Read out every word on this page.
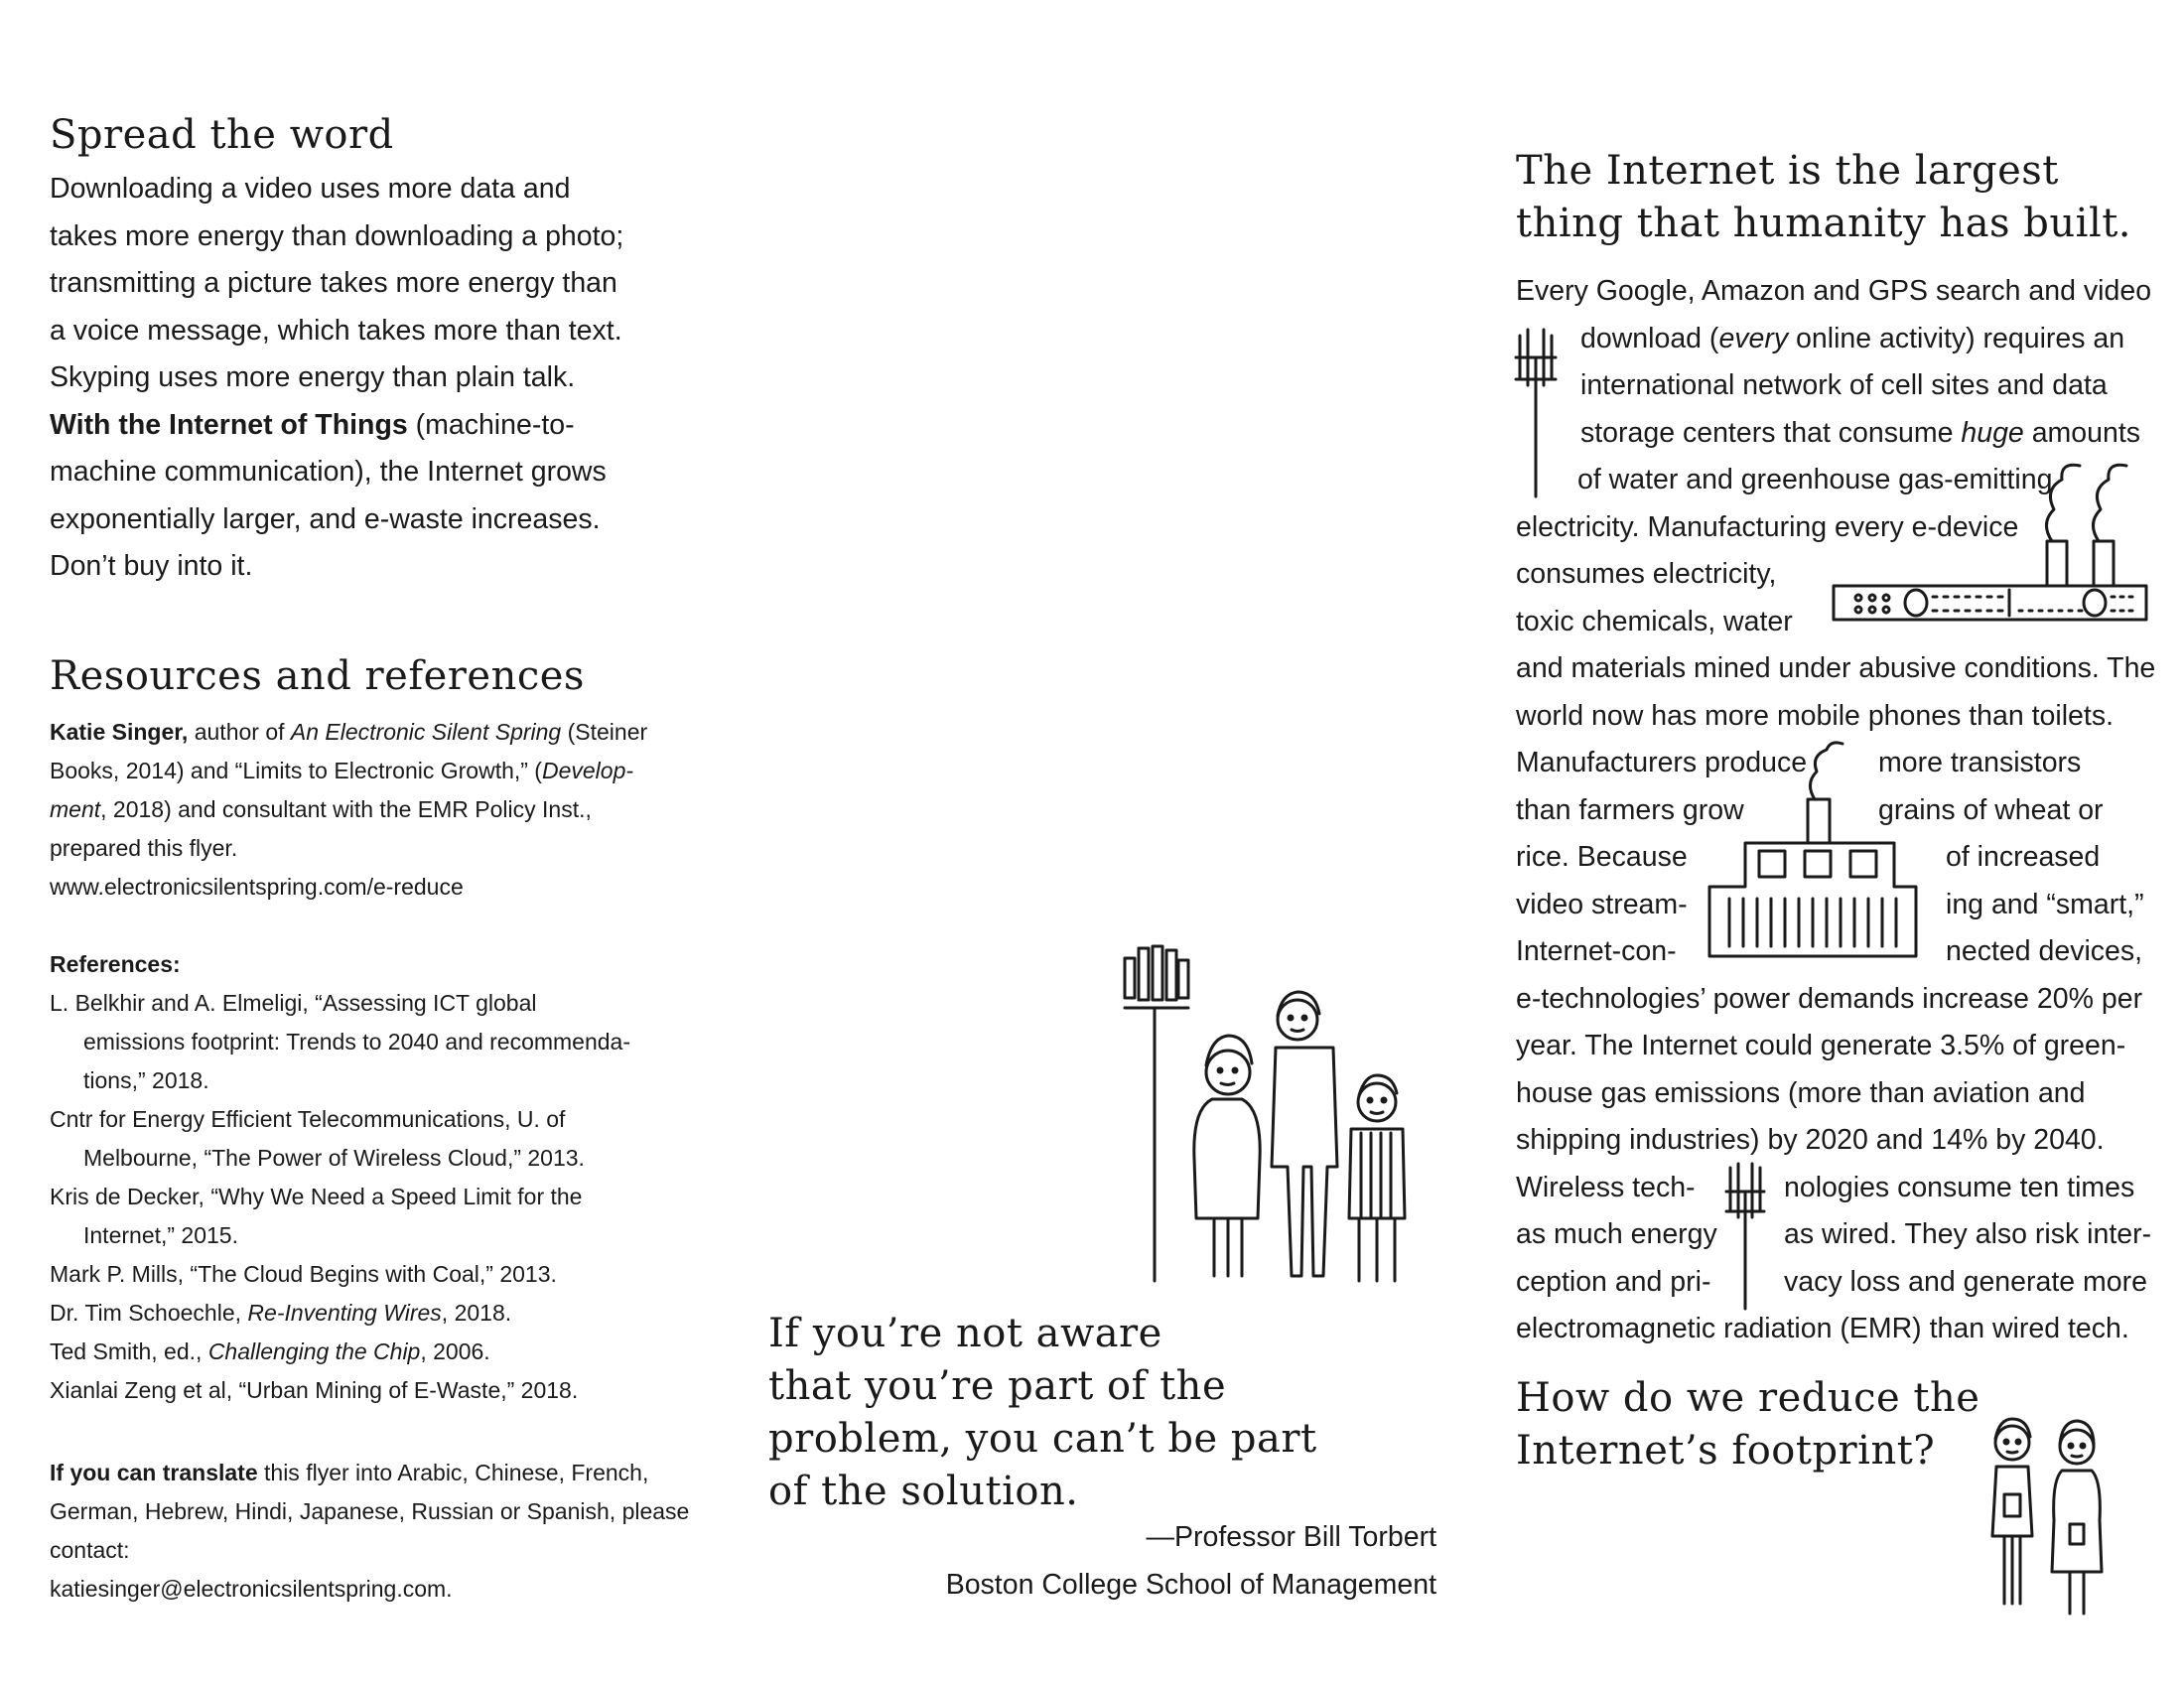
Spread the word
Downloading a video uses more data and
takes more energy than downloading a photo;
transmitting a picture takes more energy than
a voice message, which takes more than text.
Skyping uses more energy than plain talk.
With the Internet of Things (machine-to-
machine communication), the Internet grows
exponentially larger, and e-waste increases.
Don’t buy into it.
Resources and references
Katie Singer, author of An Electronic Silent Spring (Steiner
Books, 2014) and “Limits to Electronic Growth,” (Develop-
ment, 2018) and consultant with the EMR Policy Inst.,
prepared this flyer.
www.electronicsilentspring.com/e-reduce
References:
L. Belkhir and A. Elmeligi, “Assessing ICT global
emissions footprint: Trends to 2040 and recommenda-
tions,” 2018.
Cntr for Energy Efficient Telecommunications, U. of
Melbourne, “The Power of Wireless Cloud,” 2013.
Kris de Decker, “Why We Need a Speed Limit for the
Internet,” 2015.
Mark P. Mills, “The Cloud Begins with Coal,” 2013.
Dr. Tim Schoechle, Re-Inventing Wires, 2018.
Ted Smith, ed., Challenging the Chip, 2006.
Xianlai Zeng et al, “Urban Mining of E-Waste,” 2018.
If you can translate this flyer into Arabic, Chinese, French,
German, Hebrew, Hindi, Japanese, Russian or Spanish, please
contact:
katiesinger@electronicsilentspring.com.
If you’re not aware
that you’re part of the
problem, you can’t be part
of the solution.
—Professor Bill Torbert
Boston College School of Management
The Internet is the largest
thing that humanity has built.
Every Google, Amazon and GPS search and video
download (every online activity) requires an
international network of cell sites and data
storage centers that consume huge amounts
of water and greenhouse gas-emitting
electricity. Manufacturing every e-device
consumes electricity,
toxic chemicals, water
and materials mined under abusive conditions. The
world now has more mobile phones than toilets.
Manufacturers produce	more transistors
than farmers grow	grains of wheat or
rice. Because	of increased
video stream-	ing and “smart,”
Internet-con-	nected devices,
e-technologies’ power demands increase 20% per
year. The Internet could generate 3.5% of green-
house gas emissions (more than aviation and
shipping industries) by 2020 and 14% by 2040.
Wireless tech-	nologies consume ten times
as much energy as wired. They also risk inter-
ception and pri-	vacy loss and generate more
electromagnetic radiation (EMR) than wired tech.
How do we reduce the
Internet’s footprint?
